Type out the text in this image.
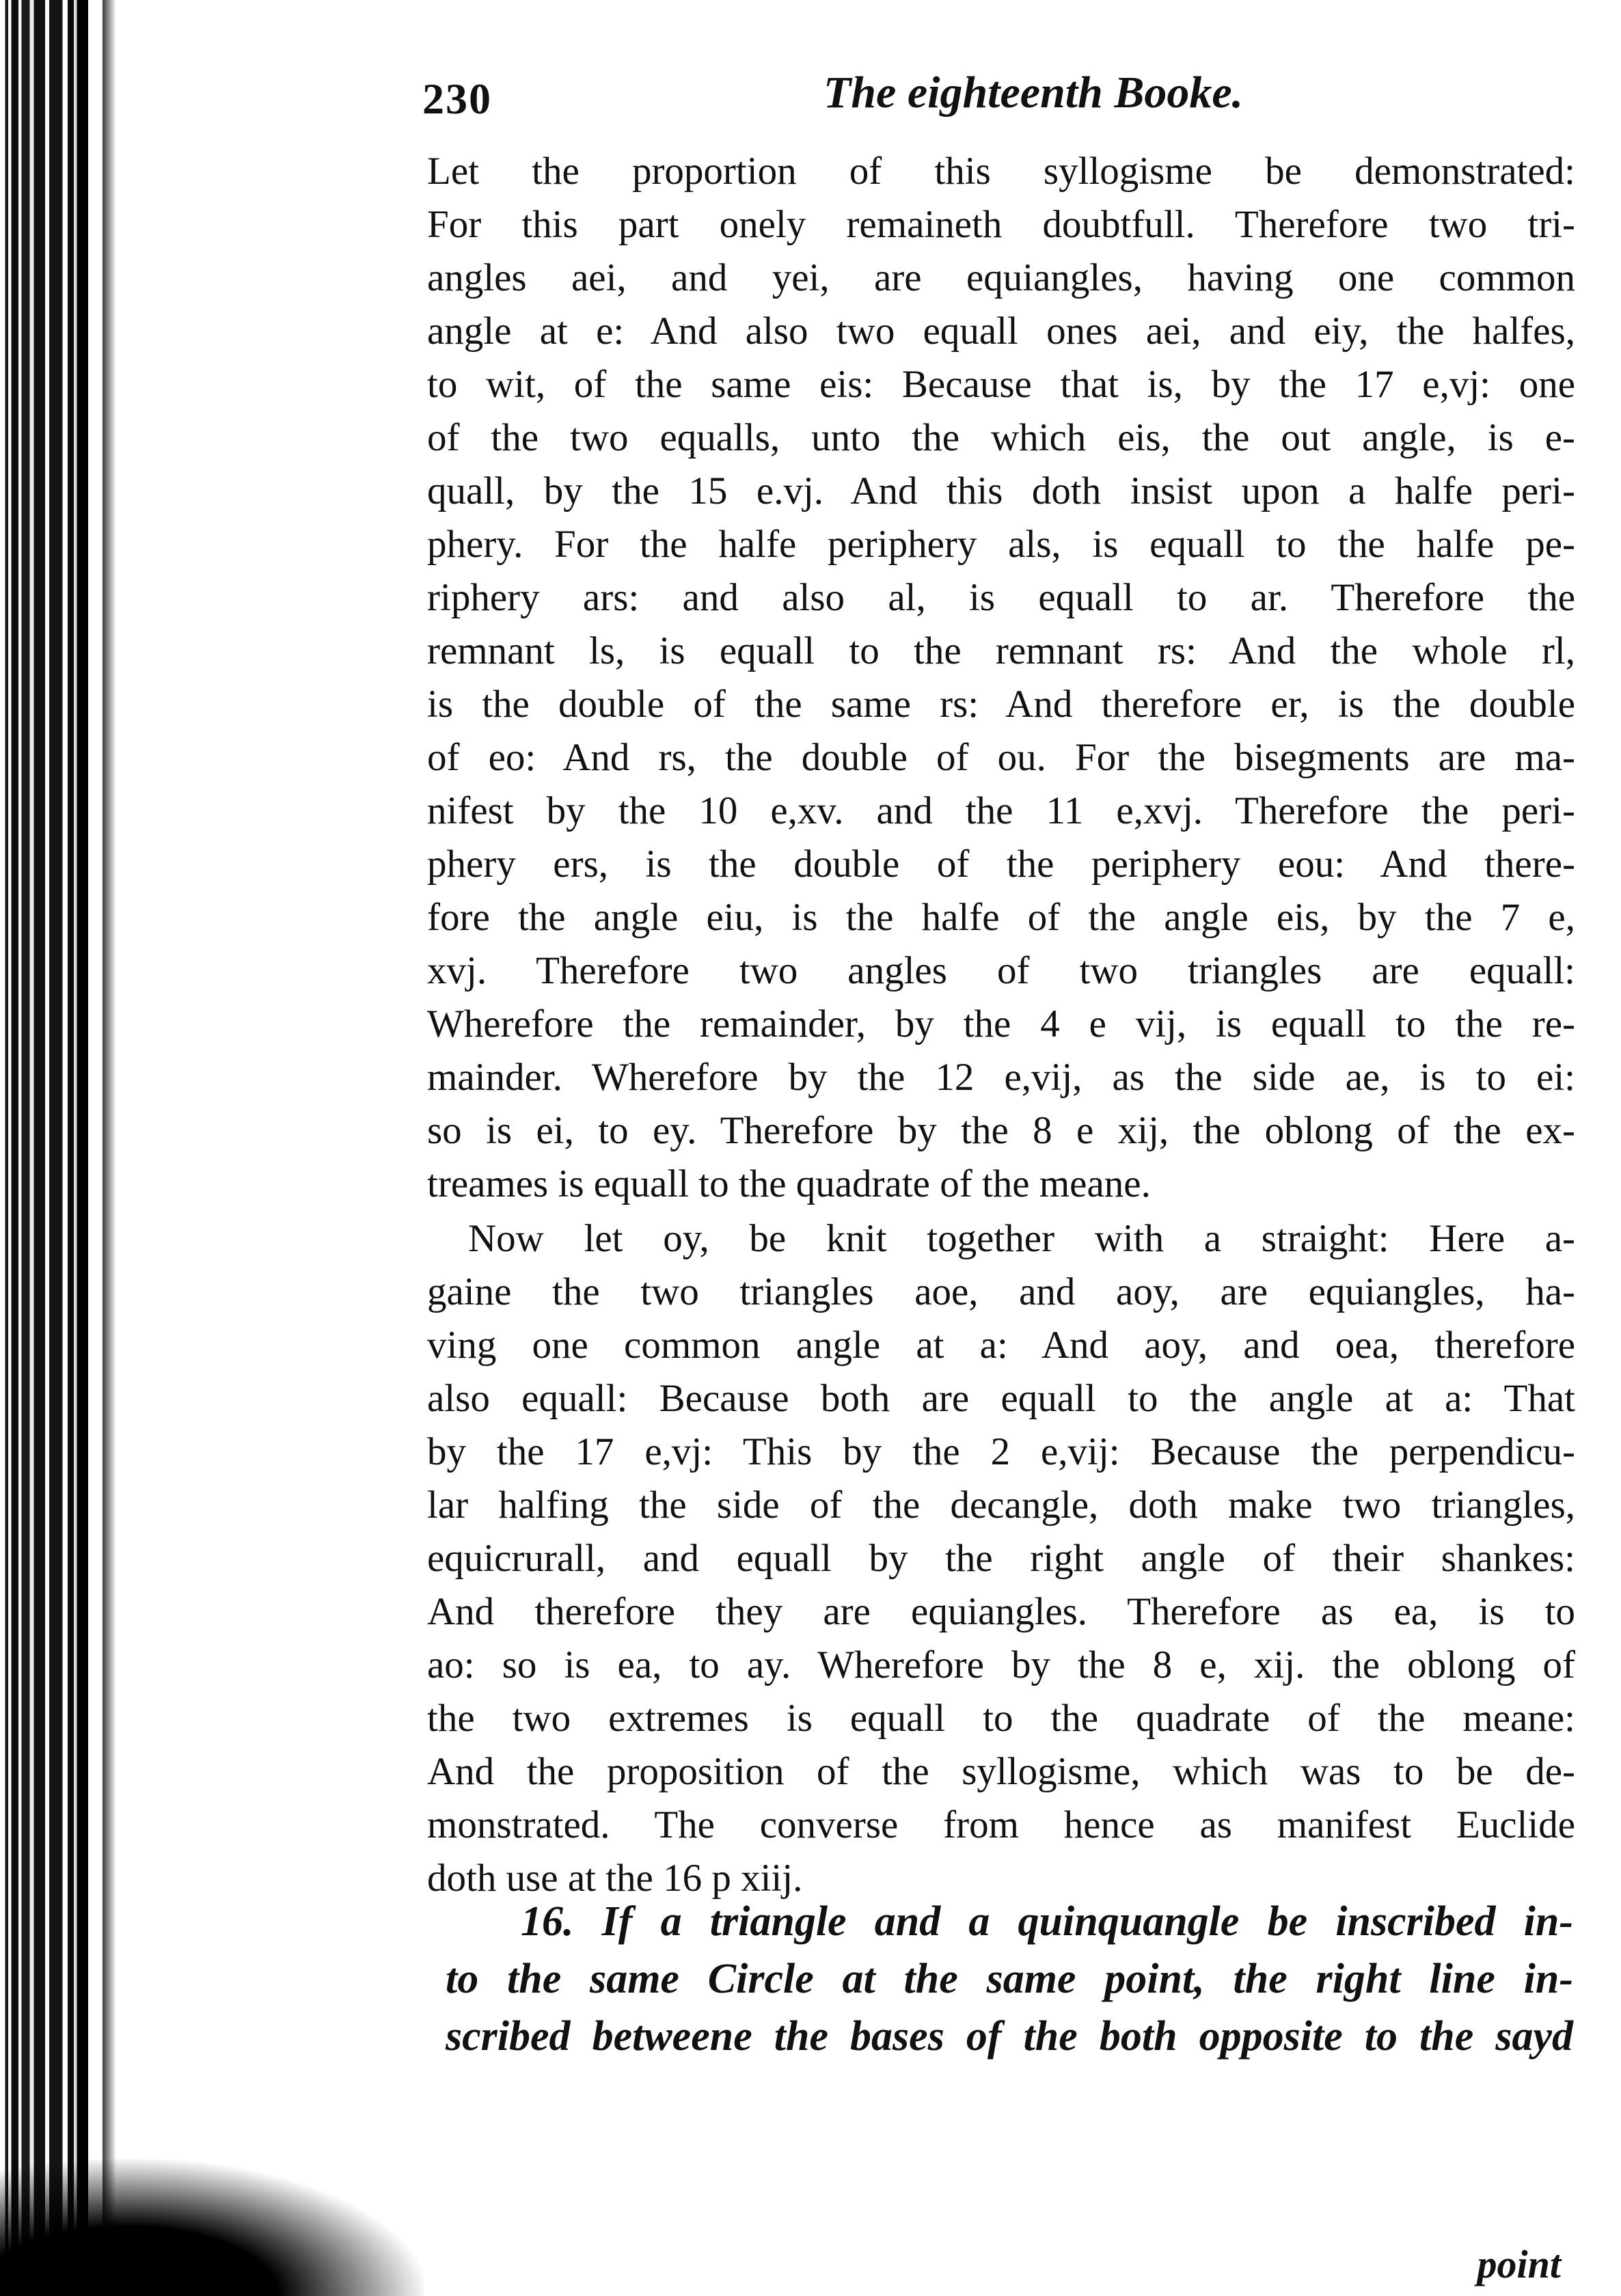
230	The eighteenth Booke.
Let the proportion of this syllogisme be demonstrated:
For this part onely remaineth doubtfull. Therefore two tri-
angles aei, and yei, are equiangles, having one common
angle at e: And also two equall ones aei, and eiy, the halfes,
to wit, of the same eis: Because that is, by the 17 e,vj: one
of the two equalls, unto the which eis, the out angle, is e-
quall, by the 15 e.vj. And this doth insist upon a halfe peri-
phery. For the halfe periphery als, is equall to the halfe pe-
riphery ars: and also al, is equall to ar. Therefore the
remnant ls, is equall to the remnant rs: And the whole rl,
is the double of the same rs: And therefore er, is the double
of eo: And rs, the double of ou. For the bisegments are ma-
nifest by the 10 e,xv. and the 11 e,xvj. Therefore the peri-
phery ers, is the double of the periphery eou: And there-
fore the angle eiu, is the halfe of the angle eis, by the 7 e,
xvj. Therefore two angles of two triangles are equall:
Wherefore the remainder, by the 4 e vij, is equall to the re-
mainder. Wherefore by the 12 e,vij, as the side ae, is to ei:
so is ei, to ey. Therefore by the 8 e xij, the oblong of the ex-
treames is equall to the quadrate of the meane.
Now let oy, be knit together with a straight: Here a-
gaine the two triangles aoe, and aoy, are equiangles, ha-
ving one common angle at a: And aoy, and oea, therefore
also equall: Because both are equall to the angle at a: That
by the 17 e,vj: This by the 2 e,vij: Because the perpendicu-
lar halfing the side of the decangle, doth make two triangles,
equicrurall, and equall by the right angle of their shankes:
And therefore they are equiangles. Therefore as ea, is to
ao: so is ea, to ay. Wherefore by the 8 e, xij. the oblong of
the two extremes is equall to the quadrate of the meane:
And the proposition of the syllogisme, which was to be de-
monstrated. The converse from hence as manifest Euclide
doth use at the 16 p xiij.
16. If a triangle and a quinquangle be inscribed in-
to the same Circle at the same point, the right line in-
scribed betweene the bases of the both opposite to the sayd
point
